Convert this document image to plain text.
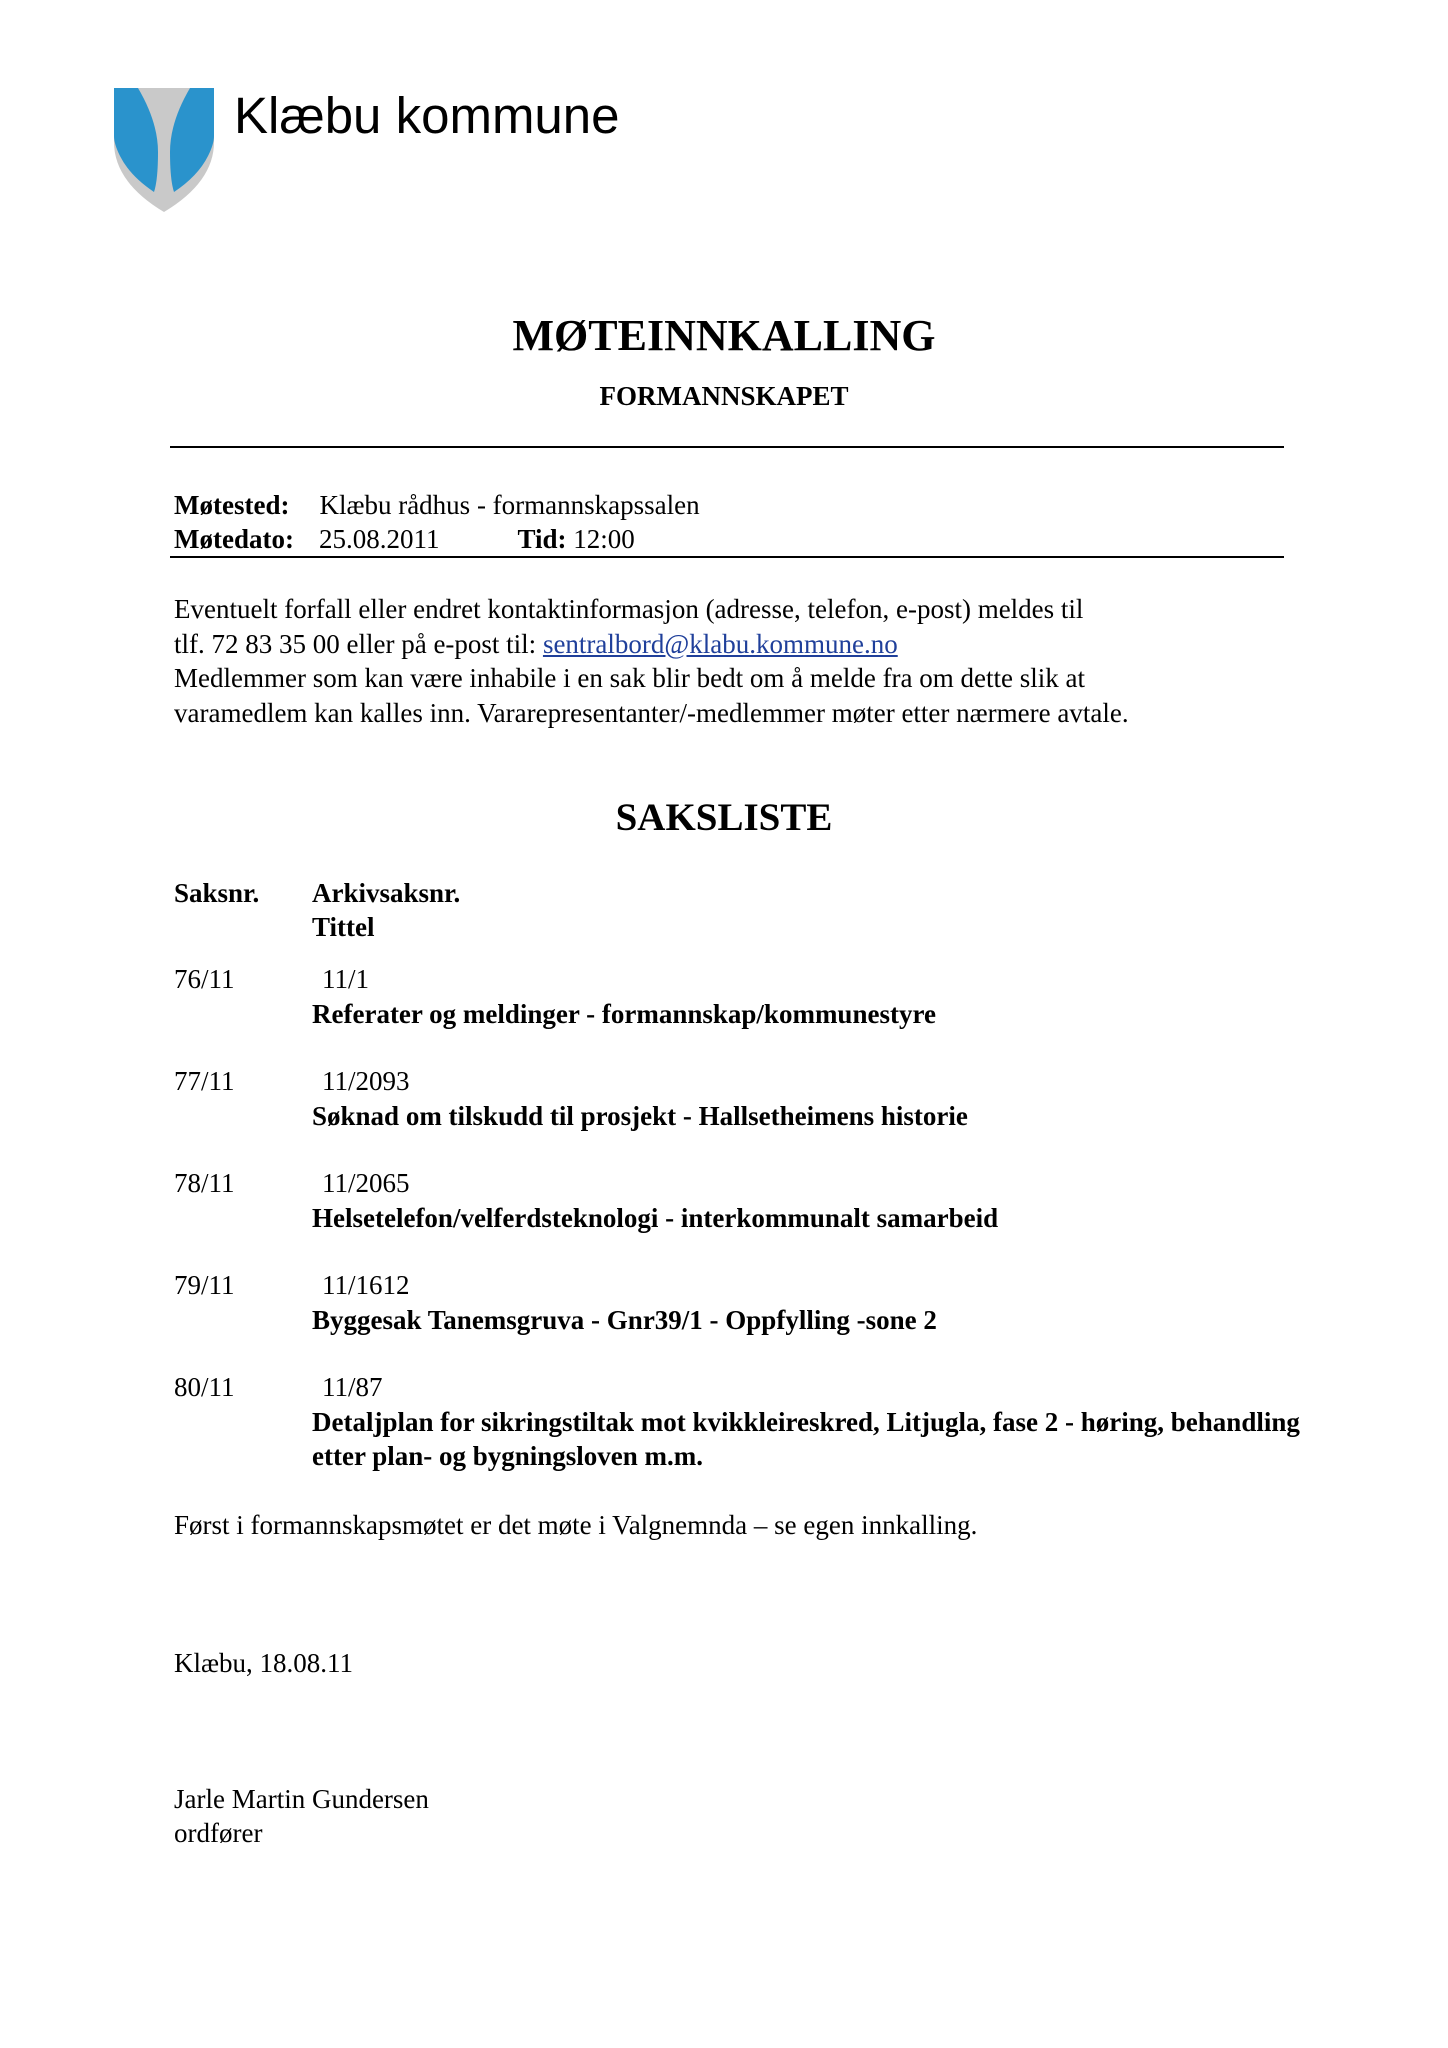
Klæbu kommune
MØTEINNKALLING
FORMANNSKAPET
Møtested: Klæbu rådhus - formannskapssalen
Møtedato: 25.08.2011	Tid: 12:00
Eventuelt forfall eller endret kontaktinformasjon (adresse, telefon, e-post) meldes til
tlf. 72 83 35 00 eller på e-post til: sentralbord@klabu.kommune.no
Medlemmer som kan være inhabile i en sak blir bedt om å melde fra om dette slik at
varamedlem kan kalles inn. Vararepresentanter/-medlemmer møter etter nærmere avtale.
SAKSLISTE
Saksnr. Arkivsaksnr.
Tittel
76/11	11/1
Referater og meldinger - formannskap/kommunestyre
77/11	11/2093
Søknad om tilskudd til prosjekt - Hallsetheimens historie
78/11	11/2065
Helsetelefon/velferdsteknologi - interkommunalt samarbeid
79/11	11/1612
Byggesak Tanemsgruva - Gnr39/1 - Oppfylling -sone 2
80/11	11/87
Detaljplan for sikringstiltak mot kvikkleireskred, Litjugla, fase 2 - høring, behandling etter plan- og bygningsloven m.m.
Først i formannskapsmøtet er det møte i Valgnemnda – se egen innkalling.
Klæbu, 18.08.11
Jarle Martin Gundersen
ordfører
